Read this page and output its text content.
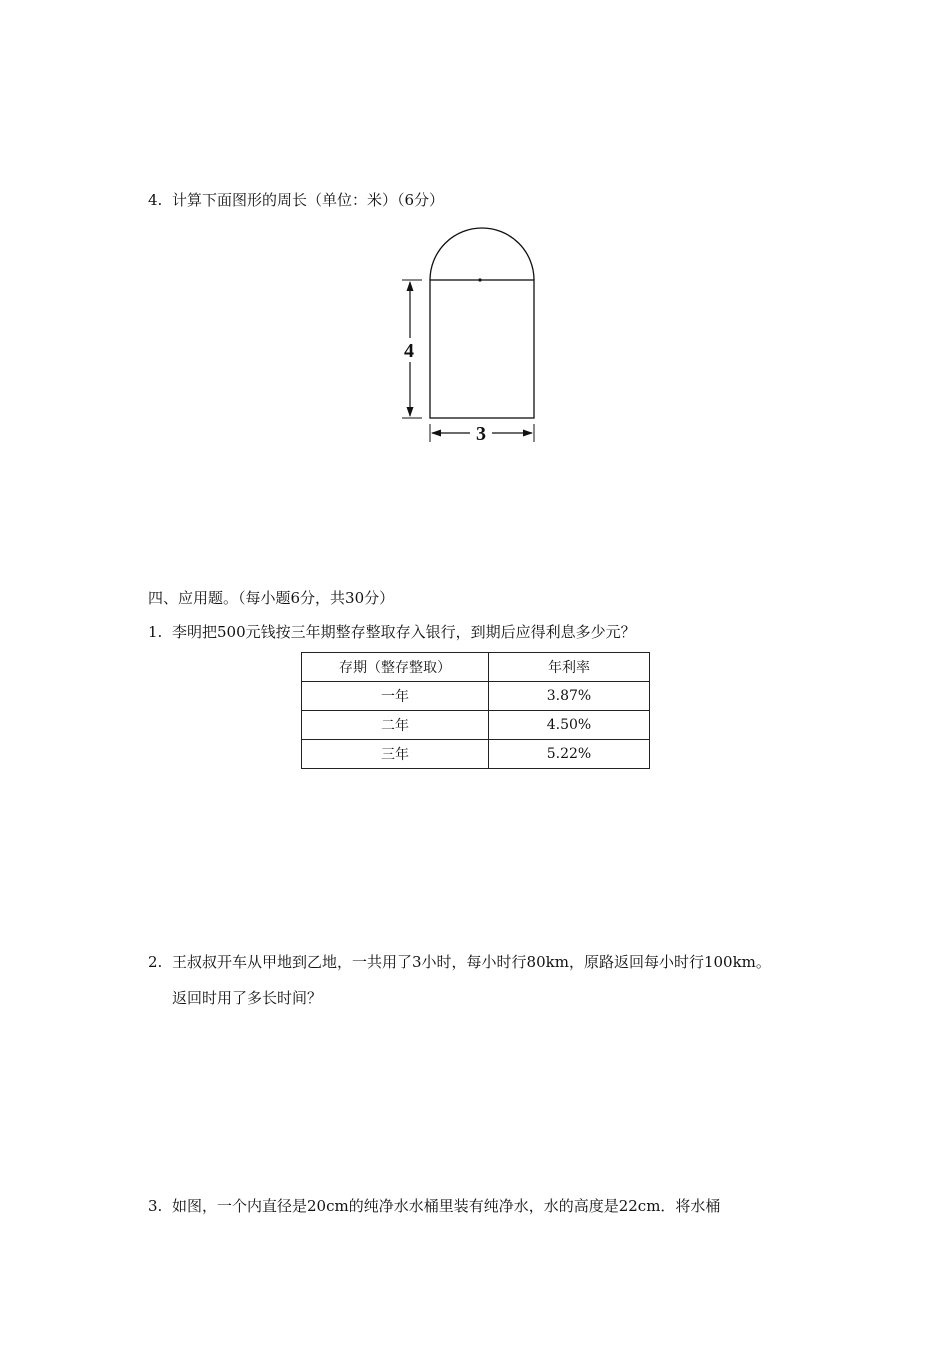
4. 计算下面图形的周长（单位：米）（6分）
4
3
四、应用题。（每小题6分，共30分）
1. 李明把500元钱按三年期整存整取存入银行，到期后应得利息多少元？
存期（整存整取）	年利率
一年	3.87%
二年	4.50%
三年	5.22%
2. 王叔叔开车从甲地到乙地，一共用了3小时，每小时行80km，原路返回每小时行100km。
返回时用了多长时间？
3. 如图，一个内直径是20cm的纯净水水桶里装有纯净水，水的高度是22cm．将水桶
